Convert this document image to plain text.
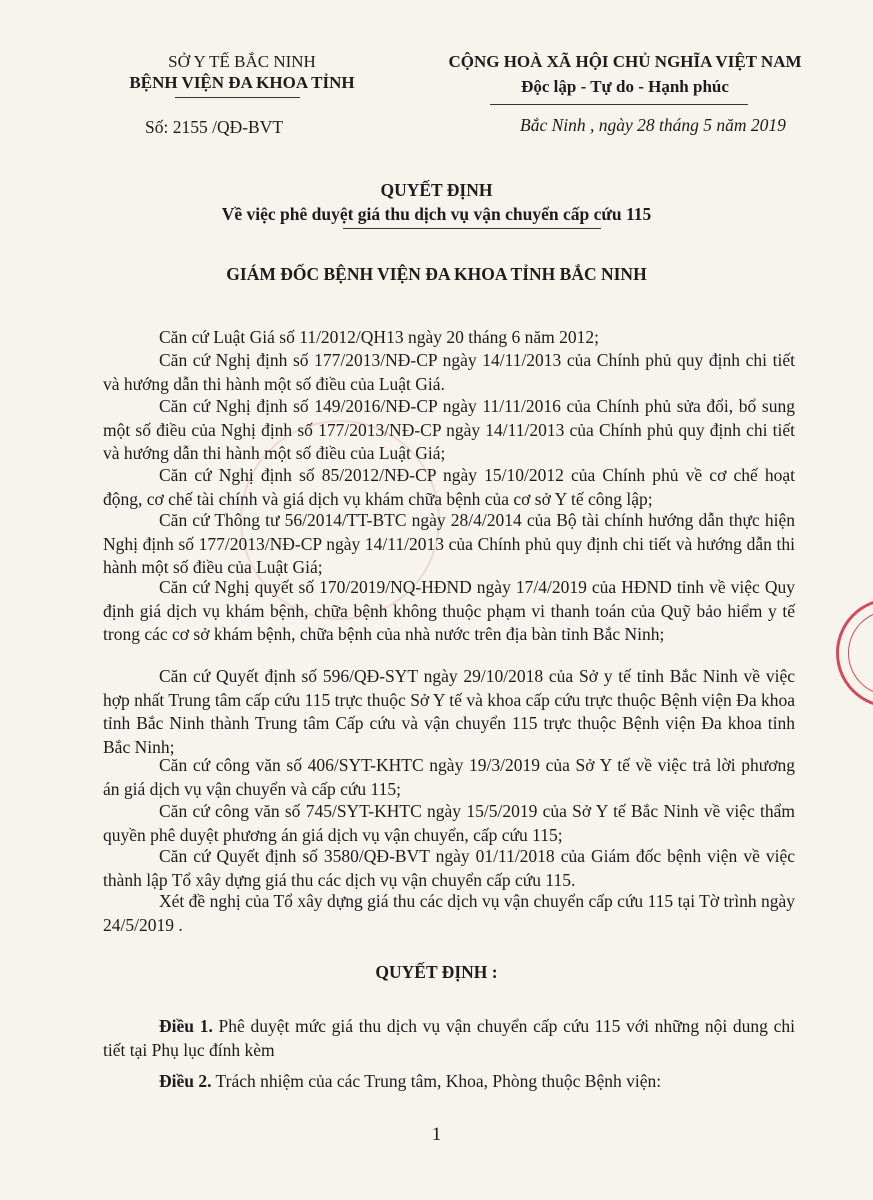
SỞ Y TẾ BẮC NINH
BỆNH VIỆN ĐA KHOA TỈNH
CỘNG HOÀ XÃ HỘI CHỦ NGHĨA VIỆT NAM
Độc lập - Tự do - Hạnh phúc
Số: 2155 /QĐ-BVT	Bắc Ninh , ngày 28 tháng 5 năm 2019
QUYẾT ĐỊNH
Về việc phê duyệt giá thu dịch vụ vận chuyển cấp cứu 115
GIÁM ĐỐC BỆNH VIỆN ĐA KHOA TỈNH BẮC NINH
Căn cứ Luật Giá số 11/2012/QH13 ngày 20 tháng 6 năm 2012;
Căn cứ Nghị định số 177/2013/NĐ-CP ngày 14/11/2013 của Chính phủ quy định chi tiết và hướng dẫn thi hành một số điều của Luật Giá.
Căn cứ Nghị định số 149/2016/NĐ-CP ngày 11/11/2016 của Chính phủ sửa đổi, bổ sung một số điều của Nghị định số 177/2013/NĐ-CP ngày 14/11/2013 của Chính phủ quy định chi tiết và hướng dẫn thi hành một số điều của Luật Giá;
Căn cứ Nghị định số 85/2012/NĐ-CP ngày 15/10/2012 của Chính phủ về cơ chế hoạt động, cơ chế tài chính và giá dịch vụ khám chữa bệnh của cơ sở Y tế công lập;
Căn cứ Thông tư 56/2014/TT-BTC ngày 28/4/2014 của Bộ tài chính hướng dẫn thực hiện Nghị định số 177/2013/NĐ-CP ngày 14/11/2013 của Chính phủ quy định chi tiết và hướng dẫn thi hành một số điều của Luật Giá;
Căn cứ Nghị quyết số 170/2019/NQ-HĐND ngày 17/4/2019 của HĐND tỉnh về việc Quy định giá dịch vụ khám bệnh, chữa bệnh không thuộc phạm vi thanh toán của Quỹ bảo hiểm y tế trong các cơ sở khám bệnh, chữa bệnh của nhà nước trên địa bàn tỉnh Bắc Ninh;
Căn cứ Quyết định số 596/QĐ-SYT ngày 29/10/2018 của Sở y tế tỉnh Bắc Ninh về việc hợp nhất Trung tâm cấp cứu 115 trực thuộc Sở Y tế và khoa cấp cứu trực thuộc Bệnh viện Đa khoa tỉnh Bắc Ninh thành Trung tâm Cấp cứu và vận chuyển 115 trực thuộc Bệnh viện Đa khoa tỉnh Bắc Ninh;
Căn cứ công văn số 406/SYT-KHTC ngày 19/3/2019 của Sở Y tế về việc trả lời phương án giá dịch vụ vận chuyển và cấp cứu 115;
Căn cứ công văn số 745/SYT-KHTC ngày 15/5/2019 của Sở Y tế Bắc Ninh về việc thẩm quyền phê duyệt phương án giá dịch vụ vận chuyển, cấp cứu 115;
Căn cứ Quyết định số 3580/QĐ-BVT ngày 01/11/2018 của Giám đốc bệnh viện về việc thành lập Tổ xây dựng giá thu các dịch vụ vận chuyển cấp cứu 115.
Xét đề nghị của Tổ xây dựng giá thu các dịch vụ vận chuyển cấp cứu 115 tại Tờ trình ngày 24/5/2019 .
QUYẾT ĐỊNH :
Điều 1. Phê duyệt mức giá thu dịch vụ vận chuyển cấp cứu 115 với những nội dung chi tiết tại Phụ lục đính kèm
Điều 2. Trách nhiệm của các Trung tâm, Khoa, Phòng thuộc Bệnh viện:
1
